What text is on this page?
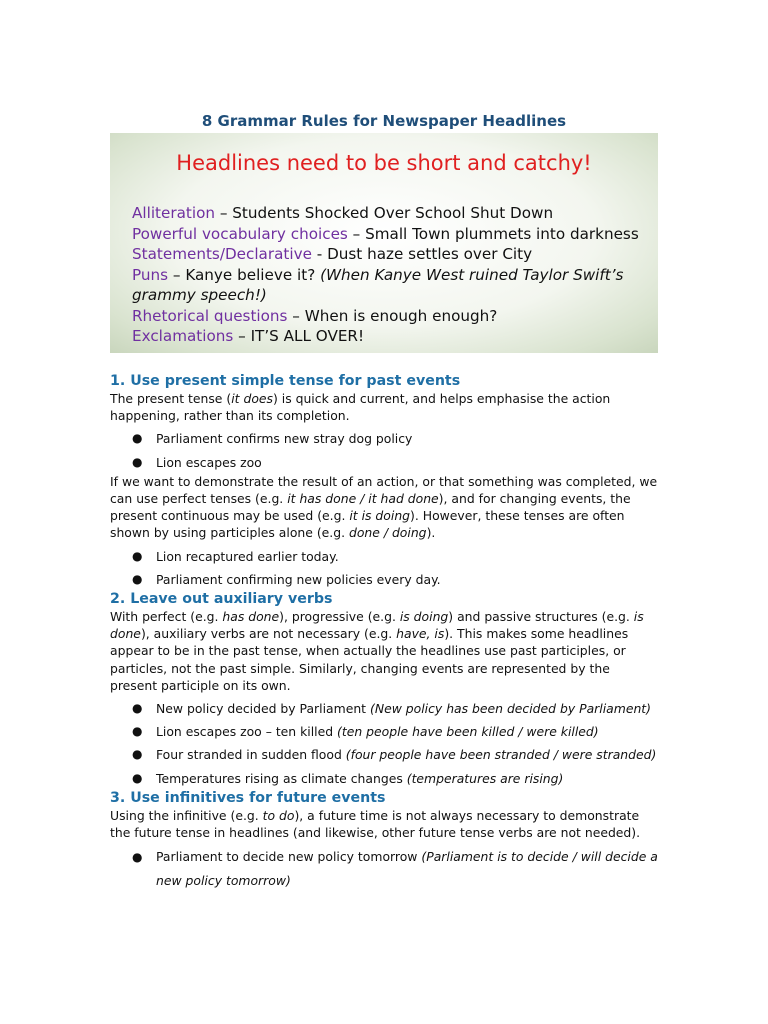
8 Grammar Rules for Newspaper Headlines
Headlines need to be short and catchy!
Alliteration – Students Shocked Over School Shut Down
Powerful vocabulary choices – Small Town plummets into darkness
Statements/Declarative - Dust haze settles over City
Puns – Kanye believe it? (When Kanye West ruined Taylor Swift’s grammy speech!)
Rhetorical questions – When is enough enough?
Exclamations – IT’S ALL OVER!
1. Use present simple tense for past events

The present tense (it does) is quick and current, and helps emphasise the action happening, rather than its completion.

● Parliament confirms new stray dog policy
● Lion escapes zoo

If we want to demonstrate the result of an action, or that something was completed, we can use perfect tenses (e.g. it has done / it had done), and for changing events, the present continuous may be used (e.g. it is doing). However, these tenses are often shown by using participles alone (e.g. done / doing).

● Lion recaptured earlier today.
● Parliament confirming new policies every day.
2. Leave out auxiliary verbs

With perfect (e.g. has done), progressive (e.g. is doing) and passive structures (e.g. is done), auxiliary verbs are not necessary (e.g. have, is). This makes some headlines appear to be in the past tense, when actually the headlines use past participles, or particles, not the past simple. Similarly, changing events are represented by the present participle on its own.

● New policy decided by Parliament (New policy has been decided by Parliament)
● Lion escapes zoo – ten killed (ten people have been killed / were killed)
● Four stranded in sudden flood (four people have been stranded / were stranded)
● Temperatures rising as climate changes (temperatures are rising)
3. Use infinitives for future events

Using the infinitive (e.g. to do), a future time is not always necessary to demonstrate the future tense in headlines (and likewise, other future tense verbs are not needed).

● Parliament to decide new policy tomorrow (Parliament is to decide / will decide a new policy tomorrow)
